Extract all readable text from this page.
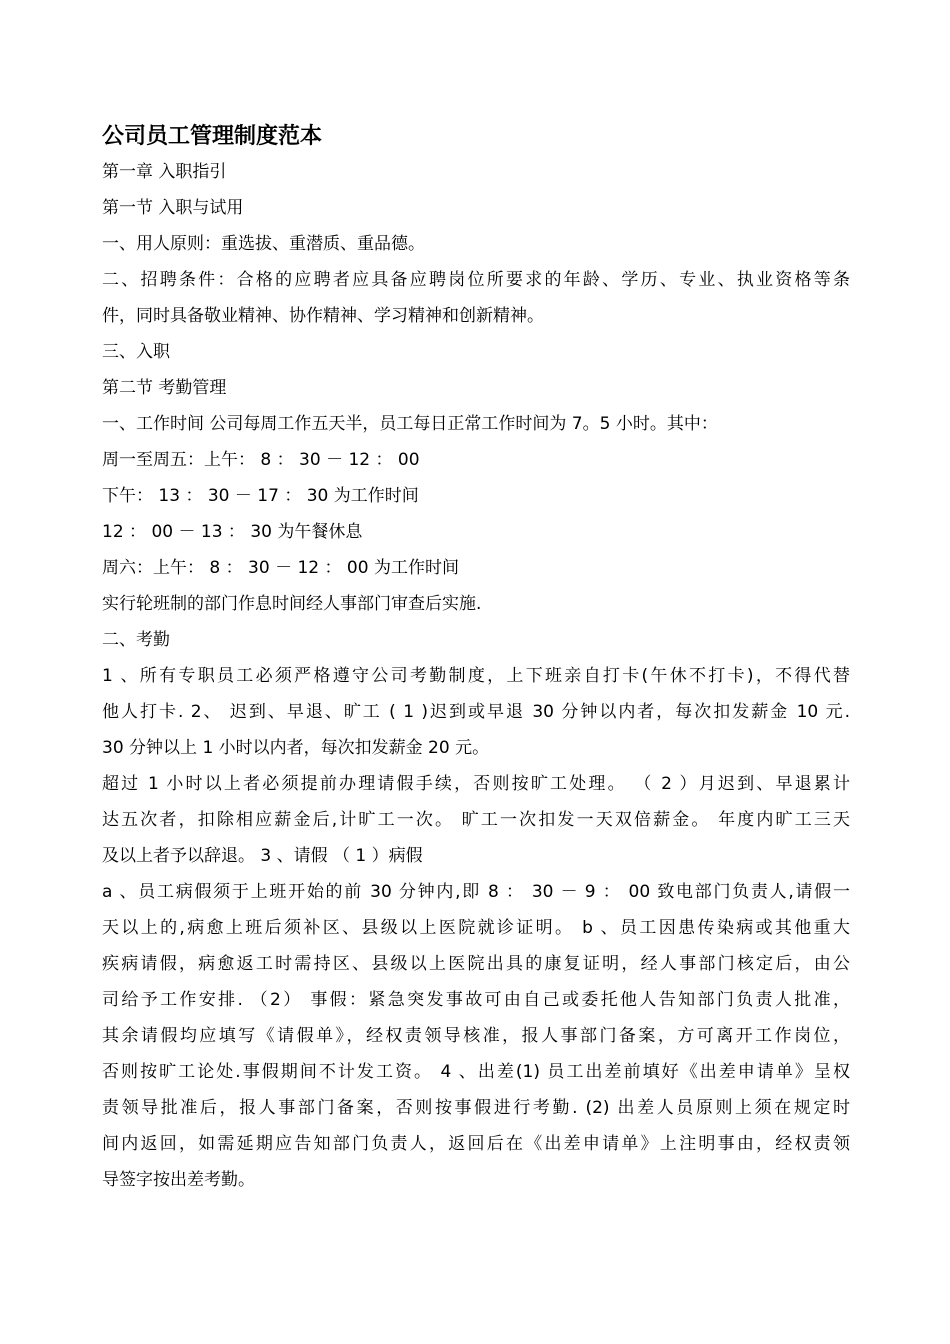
公司员工管理制度范本
第一章 入职指引
第一节 入职与试用
一、用人原则：重选拔、重潜质、重品德。
二、招聘条件：合格的应聘者应具备应聘岗位所要求的年龄、学历、专业、执业资格等条
件，同时具备敬业精神、协作精神、学习精神和创新精神。
三、入职
第二节 考勤管理
一、工作时间 公司每周工作五天半，员工每日正常工作时间为 7。5 小时。其中：
周一至周五：上午： 8 ： 30 － 12 ： 00
下午： 13 ： 30 － 17 ： 30 为工作时间
12 ： 00 － 13 ： 30 为午餐休息
周六：上午： 8 ： 30 － 12 ： 00 为工作时间
实行轮班制的部门作息时间经人事部门审查后实施.
二、考勤
1 、所有专职员工必须严格遵守公司考勤制度，上下班亲自打卡(午休不打卡)，不得代替
他人打卡. 2、 迟到、早退、旷工 ( 1 )迟到或早退 30 分钟以内者，每次扣发薪金 10 元.
30 分钟以上 1 小时以内者，每次扣发薪金 20 元。
超过 1 小时以上者必须提前办理请假手续，否则按旷工处理。 （ 2 ）月迟到、早退累计
达五次者，扣除相应薪金后,计旷工一次。 旷工一次扣发一天双倍薪金。 年度内旷工三天
及以上者予以辞退。 3 、请假 （ 1 ）病假
a 、员工病假须于上班开始的前 30 分钟内,即 8 ： 30 － 9 ： 00 致电部门负责人,请假一
天以上的,病愈上班后须补区、县级以上医院就诊证明。 b 、员工因患传染病或其他重大
疾病请假，病愈返工时需持区、县级以上医院出具的康复证明，经人事部门核定后，由公
司给予工作安排. （2） 事假：紧急突发事故可由自己或委托他人告知部门负责人批准，
其余请假均应填写《请假单》，经权责领导核准，报人事部门备案，方可离开工作岗位，
否则按旷工论处.事假期间不计发工资。 4 、出差(1) 员工出差前填好《出差申请单》呈权
责领导批准后，报人事部门备案，否则按事假进行考勤. (2) 出差人员原则上须在规定时
间内返回，如需延期应告知部门负责人，返回后在《出差申请单》上注明事由，经权责领
导签字按出差考勤。
